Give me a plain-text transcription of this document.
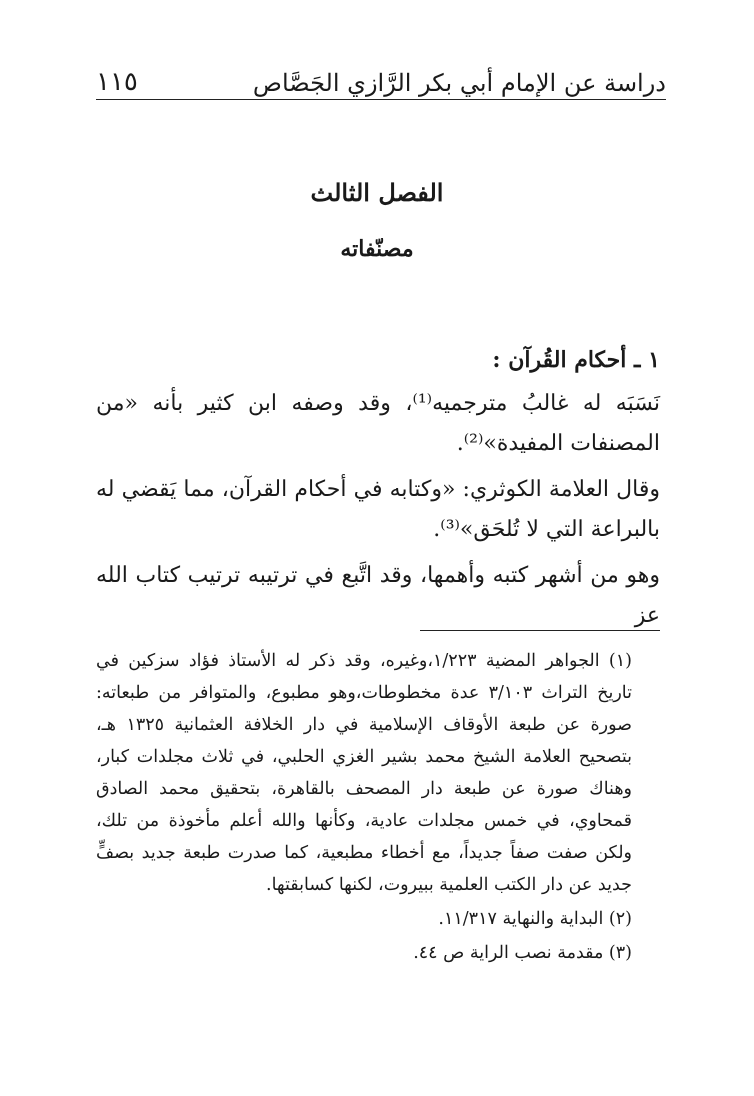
دراسة عن الإمام أبي بكر الرَّازي الجَصَّاص
١١٥
الفصل الثالث
مصنّفاته

١ ـ أحكام القُرآن :

نَسَبَه له غالبُ مترجميه⁽¹⁾، وقد وصفه ابن كثير بأنه «من المصنفات المفيدة»⁽²⁾.

وقال العلامة الكوثري: «وكتابه في أحكام القرآن، مما يَقضي له بالبراعة التي لا تُلحَق»⁽³⁾.

وهو من أشهر كتبه وأهمها، وقد اتَّبع في ترتيبه ترتيب كتاب الله عز

(١) الجواهر المضية ١/٢٢٣،وغيره، وقد ذكر له الأستاذ فؤاد سزكين في تاريخ التراث ٣/١٠٣ عدة مخطوطات،وهو مطبوع، والمتوافر من طبعاته: صورة عن طبعة الأوقاف الإسلامية في دار الخلافة العثمانية ١٣٢٥ هـ، بتصحيح العلامة الشيخ محمد بشير الغزي الحلبي، في ثلاث مجلدات كبار، وهناك صورة عن طبعة دار المصحف بالقاهرة، بتحقيق محمد الصادق قمحاوي، في خمس مجلدات عادية، وكأنها والله أعلم مأخوذة من تلك، ولكن صفت صفاً جديداً، مع أخطاء مطبعية، كما صدرت طبعة جديد بصفٍّ جديد عن دار الكتب العلمية ببيروت، لكنها كسابقتها.

(٢) البداية والنهاية ١١/٣١٧.

(٣) مقدمة نصب الراية ص ٤٤.
